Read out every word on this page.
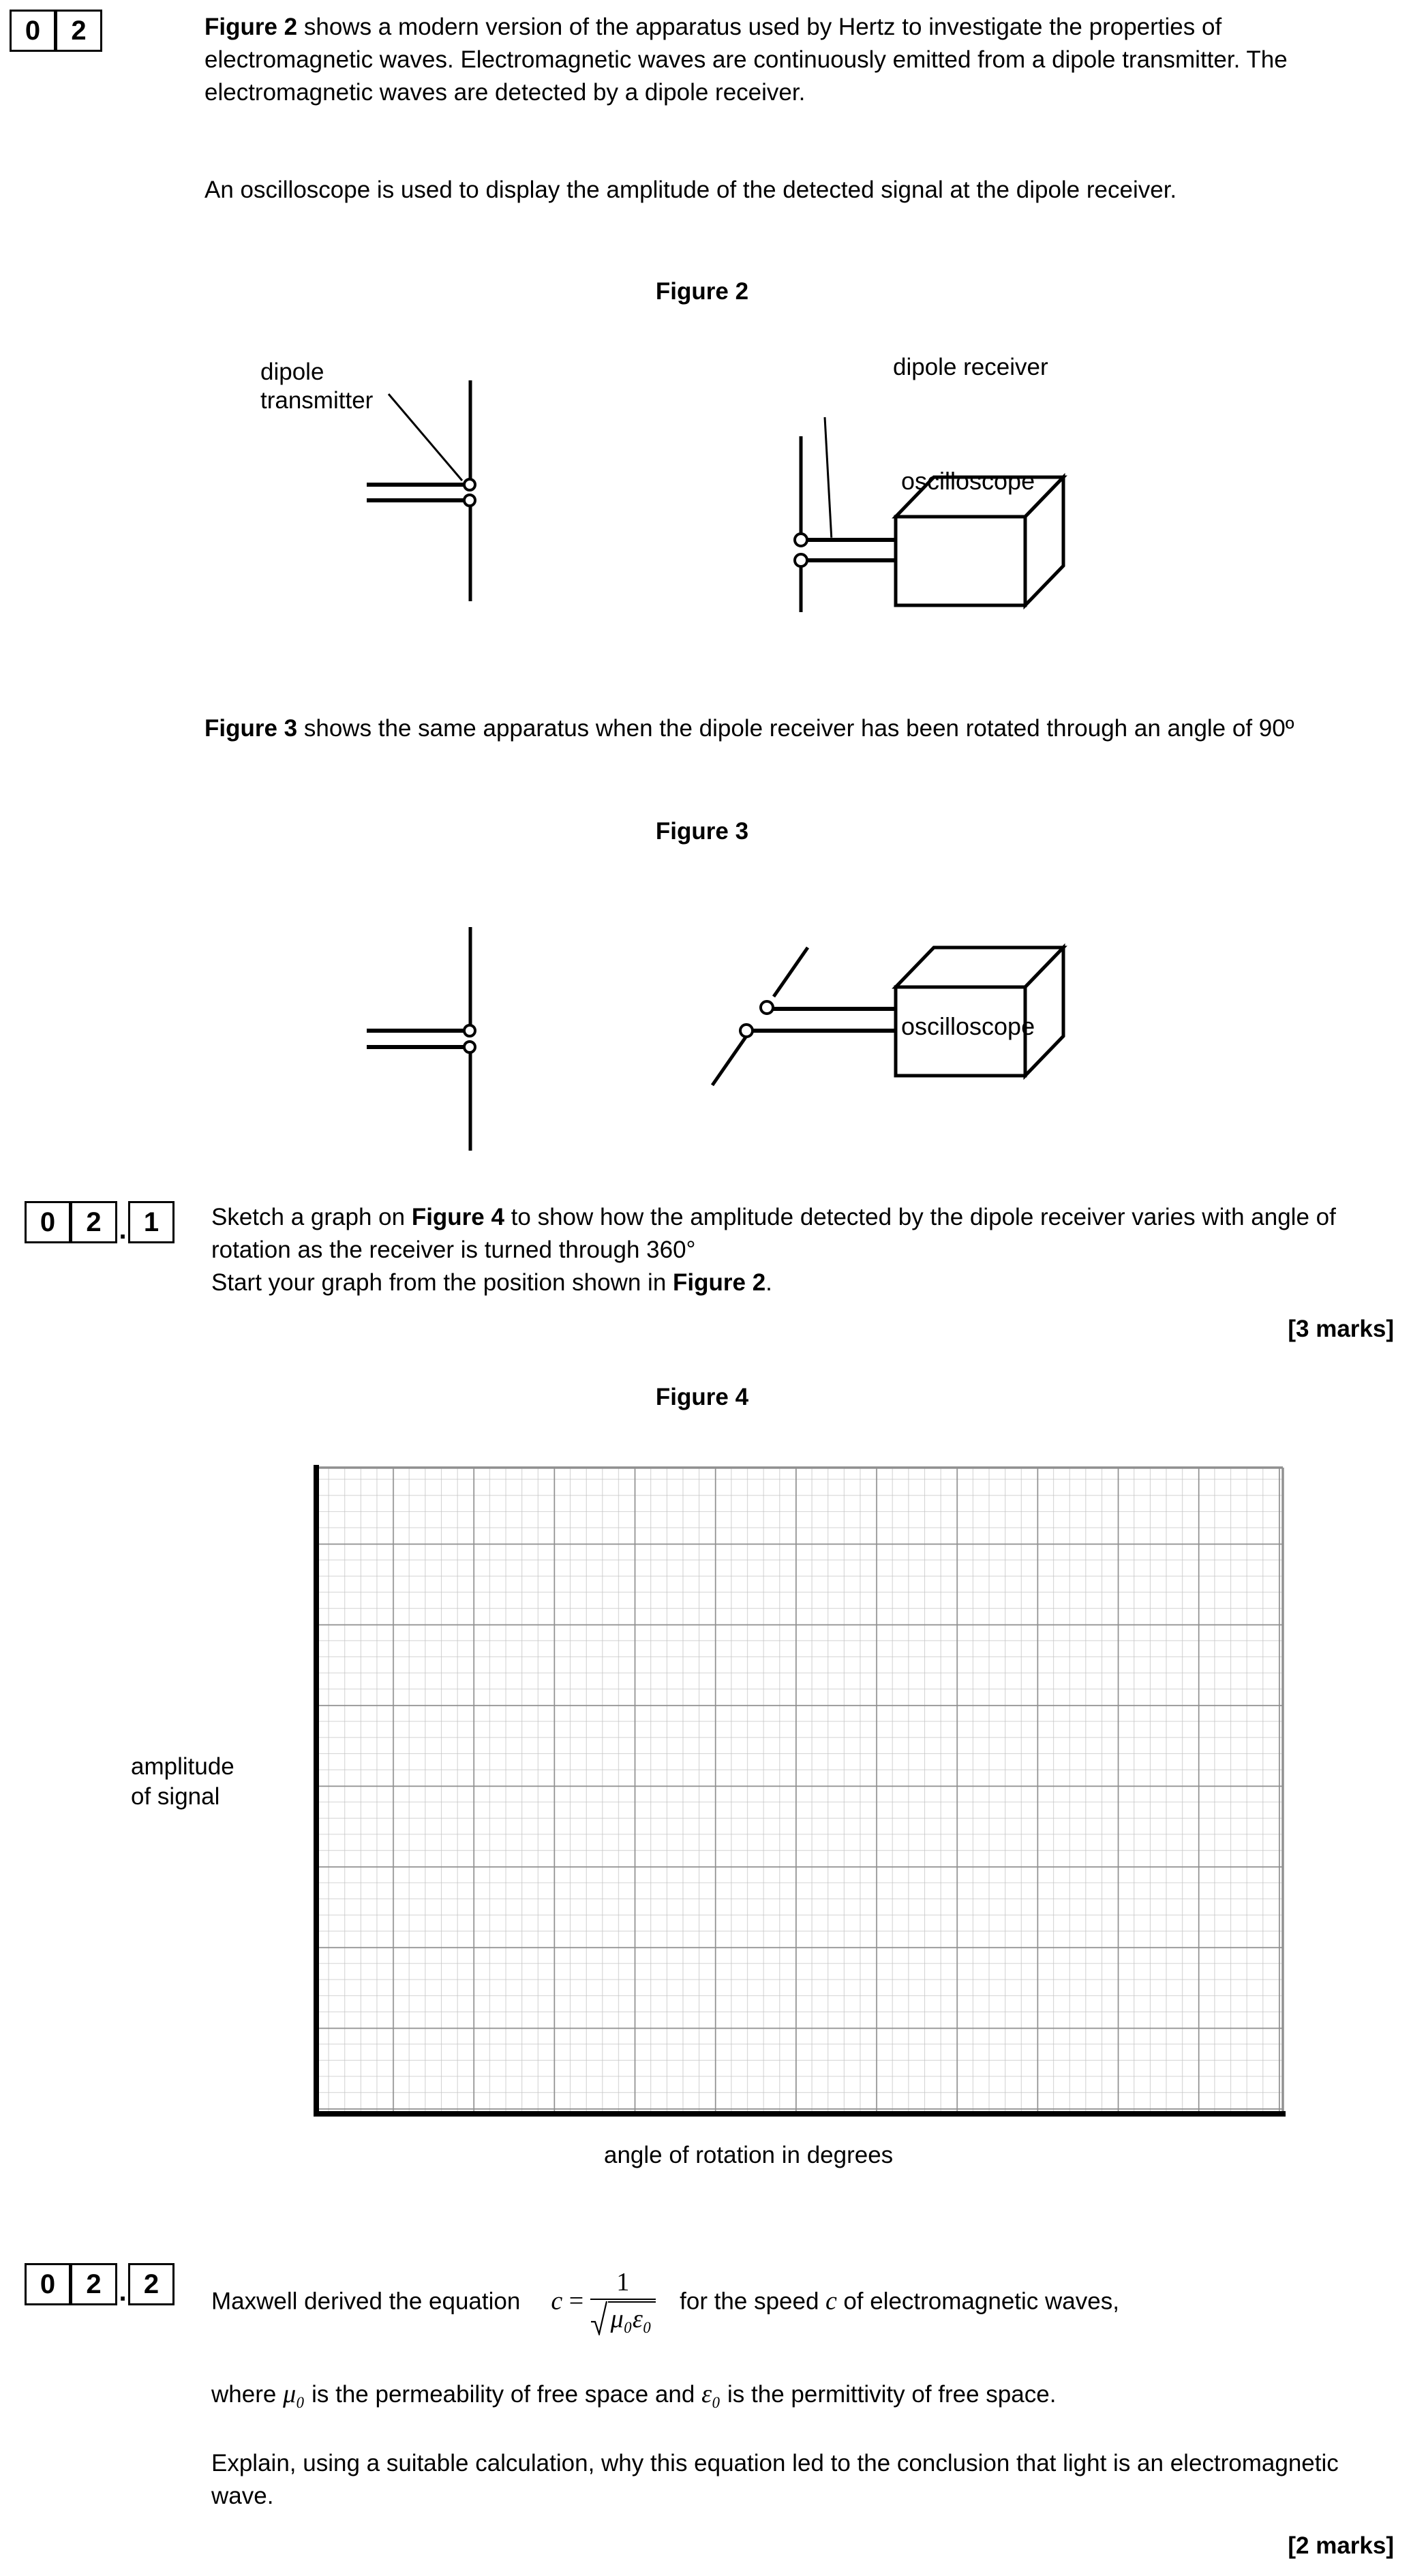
0	2	Figure 2 shows a modern version of the apparatus used by Hertz to investigate the properties of electromagnetic waves. Electromagnetic waves are continuously emitted from a dipole transmitter. The electromagnetic waves are detected by a dipole receiver.
An oscilloscope is used to display the amplitude of the detected signal at the dipole receiver.
Figure 2
dipole
transmitter
dipole receiver
oscilloscope
Figure 3 shows the same apparatus when the dipole receiver has been rotated through an angle of 90º
Figure 3
oscilloscope
0	2 . 1	Sketch a graph on Figure 4 to show how the amplitude detected by the dipole receiver varies with angle of rotation as the receiver is turned through 360°
Start your graph from the position shown in Figure 2.
[3 marks]
Figure 4
amplitude
of signal
angle of rotation in degrees
0	2 . 2
Maxwell derived the equation $c = \frac{1}{\text{μ₀ε₀}}$ for the speed c of electromagnetic waves,
where μ₀ is the permeability of free space and ε₀ is the permittivity of free space.
Explain, using a suitable calculation, why this equation led to the conclusion that light is an electromagnetic wave.
[2 marks]
